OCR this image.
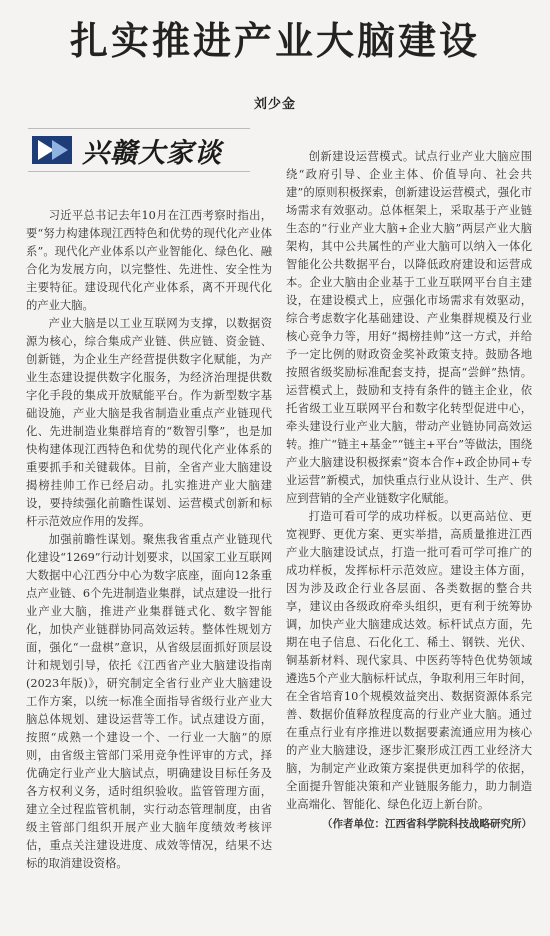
扎实推进产业大脑建设
刘少金
兴赣大家谈

习近平总书记去年10月在江西考察时指出，要“努力构建体现江西特色和优势的现代化产业体系”。现代化产业体系以产业智能化、绿色化、融合化为发展方向，以完整性、先进性、安全性为主要特征。建设现代化产业体系，离不开现代化的产业大脑。

产业大脑是以工业互联网为支撑，以数据资源为核心，综合集成产业链、供应链、资金链、创新链，为企业生产经营提供数字化赋能，为产业生态建设提供数字化服务，为经济治理提供数字化手段的集成开放赋能平台。作为新型数字基础设施，产业大脑是我省制造业重点产业链现代化、先进制造业集群培育的“数智引擎”，也是加快构建体现江西特色和优势的现代化产业体系的重要抓手和关键载体。目前，全省产业大脑建设揭榜挂帅工作已经启动。扎实推进产业大脑建设，要持续强化前瞻性谋划、运营模式创新和标杆示范效应作用的发挥。

加强前瞻性谋划。聚焦我省重点产业链现代化建设“1269”行动计划要求，以国家工业互联网大数据中心江西分中心为数字底座，面向12条重点产业链、6个先进制造业集群，试点建设一批行业产业大脑，推进产业集群链式化、数字智能化，加快产业链群协同高效运转。整体性规划方面，强化“一盘棋”意识，从省级层面抓好顶层设计和规划引导，依托《江西省产业大脑建设指南(2023年版)》，研究制定全省行业产业大脑建设工作方案，以统一标准全面指导省级行业产业大脑总体规划、建设运营等工作。试点建设方面，按照“成熟一个建设一个、一行业一大脑”的原则，由省级主管部门采用竞争性评审的方式，择优确定行业产业大脑试点，明确建设目标任务及各方权利义务，适时组织验收。监管管理方面，建立全过程监管机制，实行动态管理制度，由省级主管部门组织开展产业大脑年度绩效考核评估，重点关注建设进度、成效等情况，结果不达标的取消建设资格。

创新建设运营模式。试点行业产业大脑应围绕“政府引导、企业主体、价值导向、社会共建”的原则积极探索，创新建设运营模式，强化市场需求有效驱动。总体框架上，采取基于产业链生态的“行业产业大脑+企业大脑”两层产业大脑架构，其中公共属性的产业大脑可以纳入一体化智能化公共数据平台，以降低政府建设和运营成本。企业大脑由企业基于工业互联网平台自主建设，在建设模式上，应强化市场需求有效驱动，综合考虑数字化基础建设、产业集群规模及行业核心竞争力等，用好“揭榜挂帅”这一方式，并给予一定比例的财政资金奖补政策支持。鼓励各地按照省级奖励标准配套支持，提高“尝鲜”热情。运营模式上，鼓励和支持有条件的链主企业，依托省级工业互联网平台和数字化转型促进中心，牵头建设行业产业大脑，带动产业链协同高效运转。推广“链主+基金”“链主+平台”等做法，围绕产业大脑建设积极探索“资本合作+政企协同+专业运营”新模式，加快重点行业从设计、生产、供应到营销的全产业链数字化赋能。

打造可看可学的成功样板。以更高站位、更宽视野、更优方案、更实举措，高质量推进江西产业大脑建设试点，打造一批可看可学可推广的成功样板，发挥标杆示范效应。建设主体方面，因为涉及政企行业各层面、各类数据的整合共享，建议由各级政府牵头组织，更有利于统筹协调，加快产业大脑建成达效。标杆试点方面，先期在电子信息、石化化工、稀土、钢铁、光伏、铜基新材料、现代家具、中医药等特色优势领域遴选5个产业大脑标杆试点，争取利用三年时间，在全省培育10个规模效益突出、数据资源体系完善、数据价值释放程度高的行业产业大脑。通过在重点行业有序推进以数据要素流通应用为核心的产业大脑建设，逐步汇聚形成江西工业经济大脑，为制定产业政策方案提供更加科学的依据，全面提升智能决策和产业链服务能力，助力制造业高端化、智能化、绿色化迈上新台阶。

（作者单位：江西省科学院科技战略研究所）
